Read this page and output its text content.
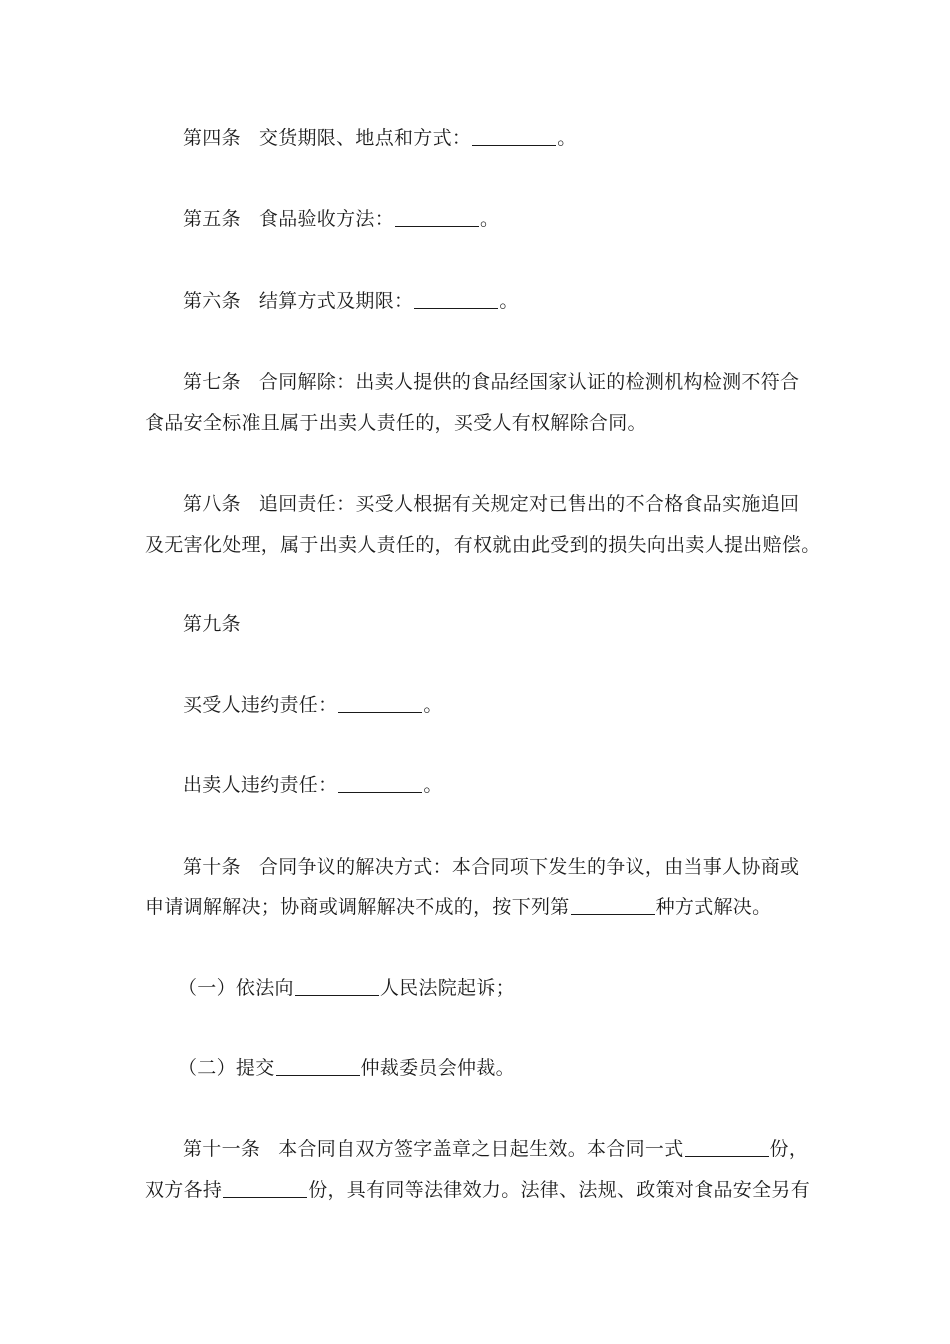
第四条 交货期限、地点和方式：	。
第五条 食品验收方法：	。
第六条 结算方式及期限：	。
第七条 合同解除：出卖人提供的食品经国家认证的检测机构检测不符合
食品安全标准且属于出卖人责任的，买受人有权解除合同。
第八条 追回责任：买受人根据有关规定对已售出的不合格食品实施追回
及无害化处理，属于出卖人责任的，有权就由此受到的损失向出卖人提出赔偿。
第九条
买受人违约责任：	。
出卖人违约责任：	。
第十条 合同争议的解决方式：本合同项下发生的争议，由当事人协商或
申请调解解决；协商或调解解决不成的，按下列第	种方式解决。
（一）依法向	人民法院起诉；
（二）提交	仲裁委员会仲裁。
第十一条 本合同自双方签字盖章之日起生效。本合同一式	份，
双方各持	份，具有同等法律效力。法律、法规、政策对食品安全另有
